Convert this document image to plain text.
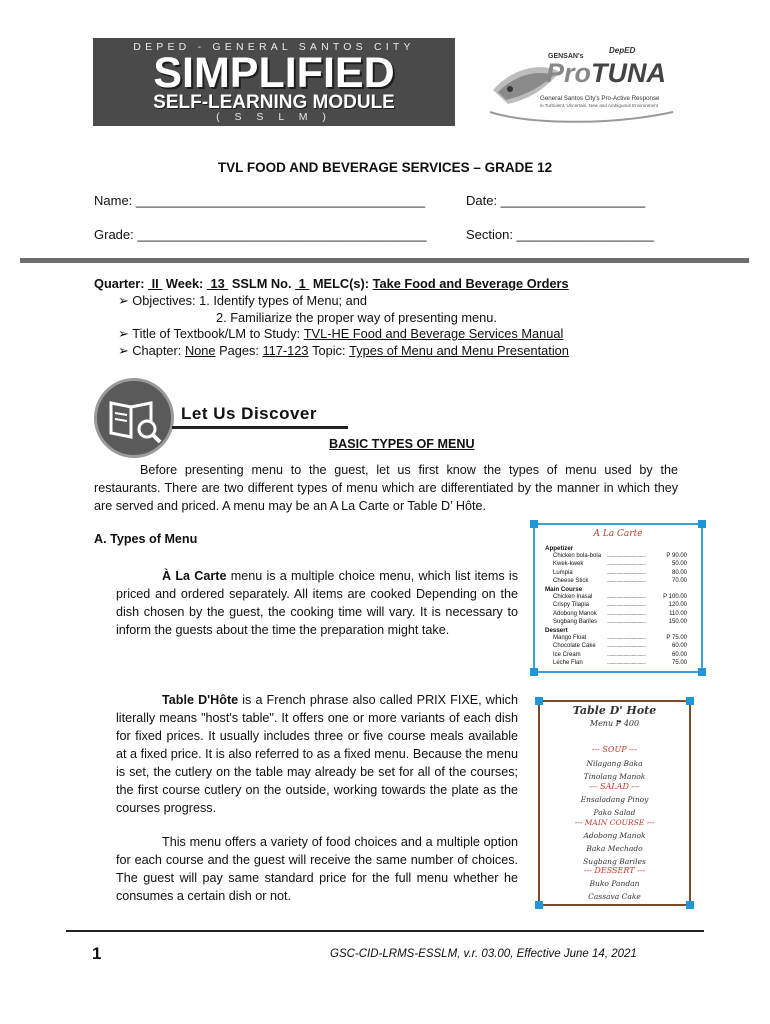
DEPED - GENERAL SANTOS CITY
SIMPLIFIED
SELF-LEARNING MODULE
( S S L M )
GENSAN's
DepED
ProTUNA
General Santos City's Pro-Active Response
in Turbulent, Uncertain, New and Ambiguous Environment
TVL FOOD AND BEVERAGE SERVICES – GRADE 12
Name: ________________________________________	Date: ____________________
Grade: ________________________________________	Section: ___________________
Quarter:  II  Week:  13  SSLM No.  1  MELC(s): Take Food and Beverage Orders
➢ Objectives: 1. Identify types of Menu; and
2. Familiarize the proper way of presenting menu.
➢ Title of Textbook/LM to Study: TVL-HE Food and Beverage Services Manual
➢ Chapter: None Pages: 117-123 Topic: Types of Menu and Menu Presentation
Let Us Discover
BASIC TYPES OF MENU
Before presenting menu to the guest, let us first know the types of menu used by the restaurants. There are two different types of menu which are differentiated by the manner in which they are served and priced. A menu may be an A La Carte or Table D’ Hôte.
A. Types of Menu
À La Carte menu is a multiple choice menu, which list items is priced and ordered separately. All items are cooked Depending on the dish chosen by the guest, the cooking time will vary. It is necessary to inform the guests about the time the preparation might take.
Table D'Hôte is a French phrase also called PRIX FIXE, which literally means "host's table". It offers one or more variants of each dish for fixed prices. It usually includes three or five course meals available at a fixed price. It is also referred to as a fixed menu. Because the menu is set, the cutlery on the table may already be set for all of the courses; the first course cutlery on the outside, working towards the plate as the courses progress.
This menu offers a variety of food choices and a multiple option for each course and the guest will receive the same number of choices. The guest will pay same standard price for the full menu whether he consumes a certain dish or not.
A La Carte
Appetizer
Chicken bola-bola .................................	P 90.00
Kwek-kwek	.................................	50.00
Lumpia	.................................	80.00
Cheese Stick	.................................	70.00
Main Course
Chicken Inasal .................................	P 100.00
Crispy Tilapia	.................................	120.00
Adobong Manok .................................	110.00
Sugbang Bariles .................................	150.00
Dessert
Mango Float	.................................	P 75.00
Chocolate Cake .................................	60.00
Ice Cream	.................................	60.00
Leche Flan	.................................	75.00
Table D' Hote
Menu ₱ 400
--- SOUP ---
Nilagang Baka
Tinolang Manok
--- SALAD ---
Ensaladang Pinoy
Pako Salad
--- MAIN COURSE ---
Adobong Manok
Baka Mechado
Sugbang Bariles
--- DESSERT ---
Buko Pandan
Cassava Cake
1	GSC-CID-LRMS-ESSLM, v.r. 03.00, Effective June 14, 2021
